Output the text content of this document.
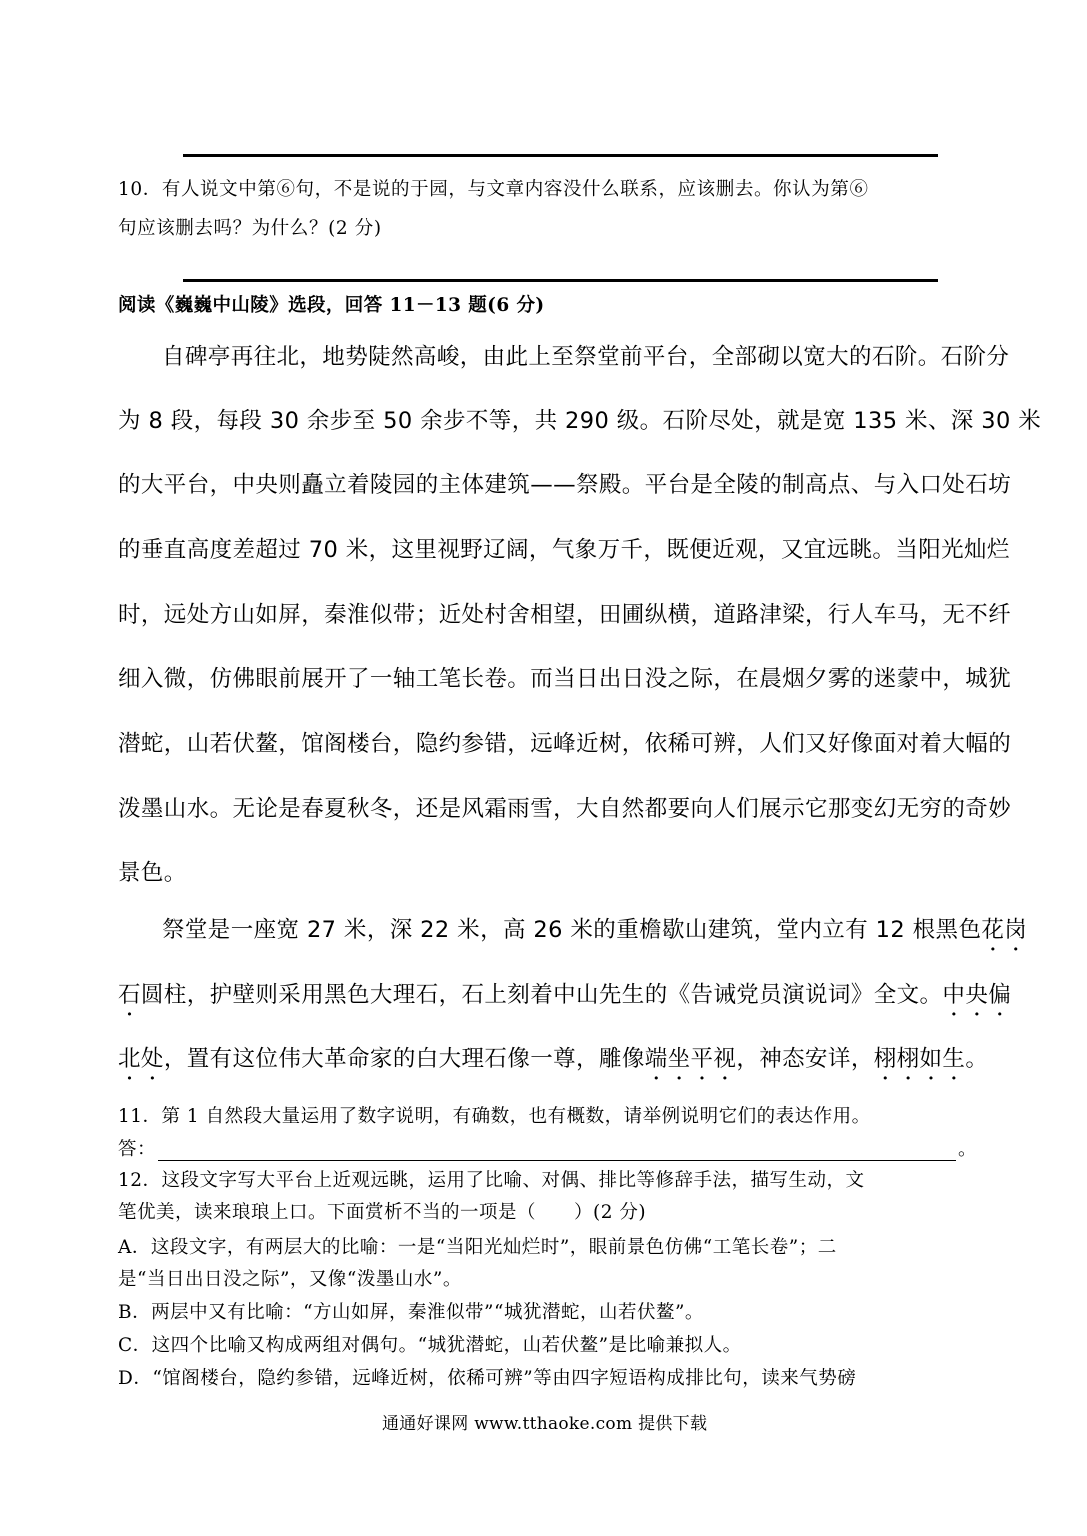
10．有人说文中第⑥句，不是说的于园，与文章内容没什么联系，应该删去。你认为第⑥
句应该删去吗？为什么？(2 分)
阅读《巍巍中山陵》选段，回答 11－13 题(6 分)
自碑亭再往北，地势陡然高峻，由此上至祭堂前平台，全部砌以宽大的石阶。石阶分
为 8 段，每段 30 余步至 50 余步不等，共 290 级。石阶尽处，就是宽 135 米、深 30 米
的大平台，中央则矗立着陵园的主体建筑——祭殿。平台是全陵的制高点、与入口处石坊
的垂直高度差超过 70 米，这里视野辽阔，气象万千，既便近观，又宜远眺。当阳光灿烂
时，远处方山如屏，秦淮似带；近处村舍相望，田圃纵横，道路津梁，行人车马，无不纤
细入微，仿佛眼前展开了一轴工笔长卷。而当日出日没之际，在晨烟夕雾的迷蒙中，城犹
潜蛇，山若伏鳌，馆阁楼台，隐约参错，远峰近树，依稀可辨，人们又好像面对着大幅的
泼墨山水。无论是春夏秋冬，还是风霜雨雪，大自然都要向人们展示它那变幻无穷的奇妙
景色。
祭堂是一座宽 27 米，深 22 米，高 26 米的重檐歇山建筑，堂内立有 12 根黑色花岗
石圆柱，护壁则采用黑色大理石，石上刻着中山先生的《告诫党员演说词》全文。中央偏
北处，置有这位伟大革命家的白大理石像一尊，雕像端坐平视，神态安详，栩栩如生。
11．第 1 自然段大量运用了数字说明，有确数，也有概数，请举例说明它们的表达作用。
答：	。
12．这段文字写大平台上近观远眺，运用了比喻、对偶、排比等修辞手法，描写生动，文
笔优美，读来琅琅上口。下面赏析不当的一项是（　　）(2 分)
A．这段文字，有两层大的比喻：一是“当阳光灿烂时”，眼前景色仿佛“工笔长卷”；二
是“当日出日没之际”，又像“泼墨山水”。
B．两层中又有比喻：“方山如屏，秦淮似带”“城犹潜蛇，山若伏鳌”。
C．这四个比喻又构成两组对偶句。“城犹潜蛇，山若伏鳌”是比喻兼拟人。
D．“馆阁楼台，隐约参错，远峰近树，依稀可辨”等由四字短语构成排比句，读来气势磅
通通好课网 www.tthaoke.com 提供下载
